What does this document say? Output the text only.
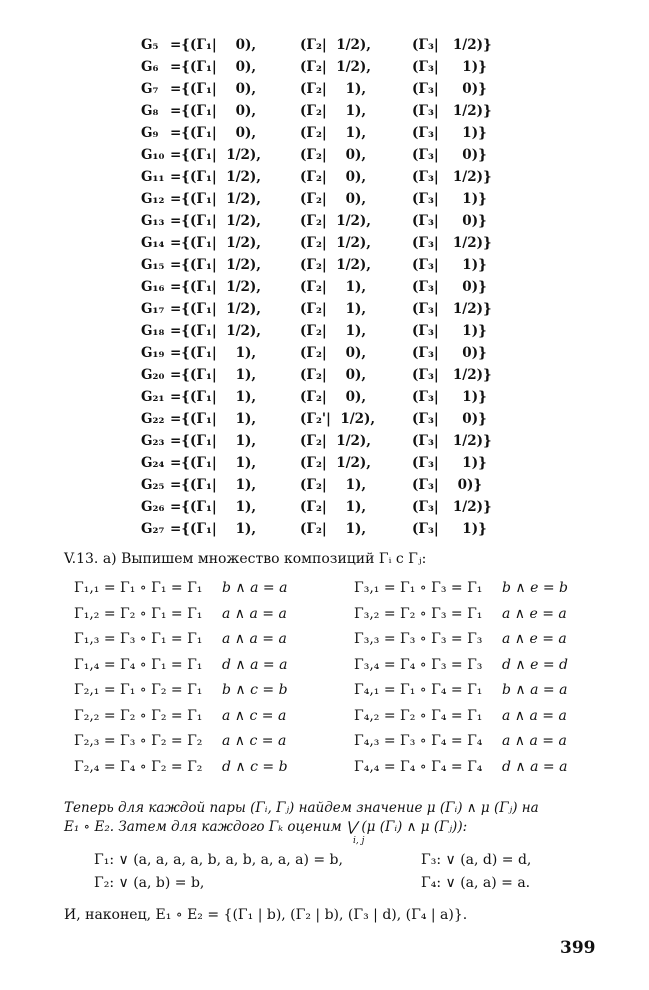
G₅ ={(Γ₁|    0),	(Γ₂|  1/2),	(Γ₃|   1/2)}
G₆ ={(Γ₁|    0),	(Γ₂|  1/2),	(Γ₃|     1)}
G₇ ={(Γ₁|    0),	(Γ₂|    1),	(Γ₃|     0)}
G₈ ={(Γ₁|    0),	(Γ₂|    1),	(Γ₃|   1/2)}
G₉ ={(Γ₁|    0),	(Γ₂|    1),	(Γ₃|     1)}
G₁₀ ={(Γ₁|  1/2),	(Γ₂|    0),	(Γ₃|     0)}
G₁₁ ={(Γ₁|  1/2),	(Γ₂|    0),	(Γ₃|   1/2)}
G₁₂ ={(Γ₁|  1/2),	(Γ₂|    0),	(Γ₃|     1)}
G₁₃ ={(Γ₁|  1/2),	(Γ₂|  1/2),	(Γ₃|     0)}
G₁₄ ={(Γ₁|  1/2),	(Γ₂|  1/2),	(Γ₃|   1/2)}
G₁₅ ={(Γ₁|  1/2),	(Γ₂|  1/2),	(Γ₃|     1)}
G₁₆ ={(Γ₁|  1/2),	(Γ₂|    1),	(Γ₃|     0)}
G₁₇ ={(Γ₁|  1/2),	(Γ₂|    1),	(Γ₃|   1/2)}
G₁₈ ={(Γ₁|  1/2),	(Γ₂|    1),	(Γ₃|     1)}
G₁₉ ={(Γ₁|    1),	(Γ₂|    0),	(Γ₃|     0)}
G₂₀ ={(Γ₁|    1),	(Γ₂|    0),	(Γ₃|   1/2)}
G₂₁ ={(Γ₁|    1),	(Γ₂|    0),	(Γ₃|     1)}
G₂₂ ={(Γ₁|    1),	(Γ₂'|  1/2),	(Γ₃|     0)}
G₂₃ ={(Γ₁|    1),	(Γ₂|  1/2),	(Γ₃|   1/2)}
G₂₄ ={(Γ₁|    1),	(Γ₂|  1/2),	(Γ₃|     1)}
G₂₅ ={(Γ₁|    1),	(Γ₂|    1),	(Γ₃|    0)}
G₂₆ ={(Γ₁|    1),	(Γ₂|    1),	(Γ₃|   1/2)}
G₂₇ ={(Γ₁|    1),	(Γ₂|    1),	(Γ₃|     1)}
V.13. а) Выпишем множество композиций Γᵢ с Γⱼ:
Γ₁,₁ = Γ₁ ∘ Γ₁ = Γ₁ b ∧ a = a
Γ₁,₂ = Γ₂ ∘ Γ₁ = Γ₁ a ∧ a = a
Γ₁,₃ = Γ₃ ∘ Γ₁ = Γ₁ a ∧ a = a
Γ₁,₄ = Γ₄ ∘ Γ₁ = Γ₁ d ∧ a = a
Γ₂,₁ = Γ₁ ∘ Γ₂ = Γ₁ b ∧ c = b
Γ₂,₂ = Γ₂ ∘ Γ₂ = Γ₁ a ∧ c = a
Γ₂,₃ = Γ₃ ∘ Γ₂ = Γ₂ a ∧ c = a
Γ₂,₄ = Γ₄ ∘ Γ₂ = Γ₂ d ∧ c = b
Γ₃,₁ = Γ₁ ∘ Γ₃ = Γ₁ b ∧ e = b
Γ₃,₂ = Γ₂ ∘ Γ₃ = Γ₁ a ∧ e = a
Γ₃,₃ = Γ₃ ∘ Γ₃ = Γ₃ a ∧ e = a
Γ₃,₄ = Γ₄ ∘ Γ₃ = Γ₃ d ∧ e = d
Γ₄,₁ = Γ₁ ∘ Γ₄ = Γ₁ b ∧ a = a
Γ₄,₂ = Γ₂ ∘ Γ₄ = Γ₁ a ∧ a = a
Γ₄,₃ = Γ₃ ∘ Γ₄ = Γ₄ a ∧ a = a
Γ₄,₄ = Γ₄ ∘ Γ₄ = Γ₄ d ∧ a = a
Теперь для каждой пары (Γᵢ, Γⱼ) найдем значение μ (Γᵢ) ∧ μ (Γⱼ) на
E₁ ∘ E₂. Затем для каждого Γₖ оценим ⋁ (μ (Γᵢ) ∧ μ (Γⱼ)):
i, j
Γ₁: ∨ (a, a, a, a, b, a, b, a, a, a) = b,	Γ₃: ∨ (a, d) = d,
Γ₂: ∨ (a, b) = b,	Γ₄: ∨ (a, a) = a.
И, наконец, E₁ ∘ E₂ = {(Γ₁ | b), (Γ₂ | b), (Γ₃ | d), (Γ₄ | a)}.
399
